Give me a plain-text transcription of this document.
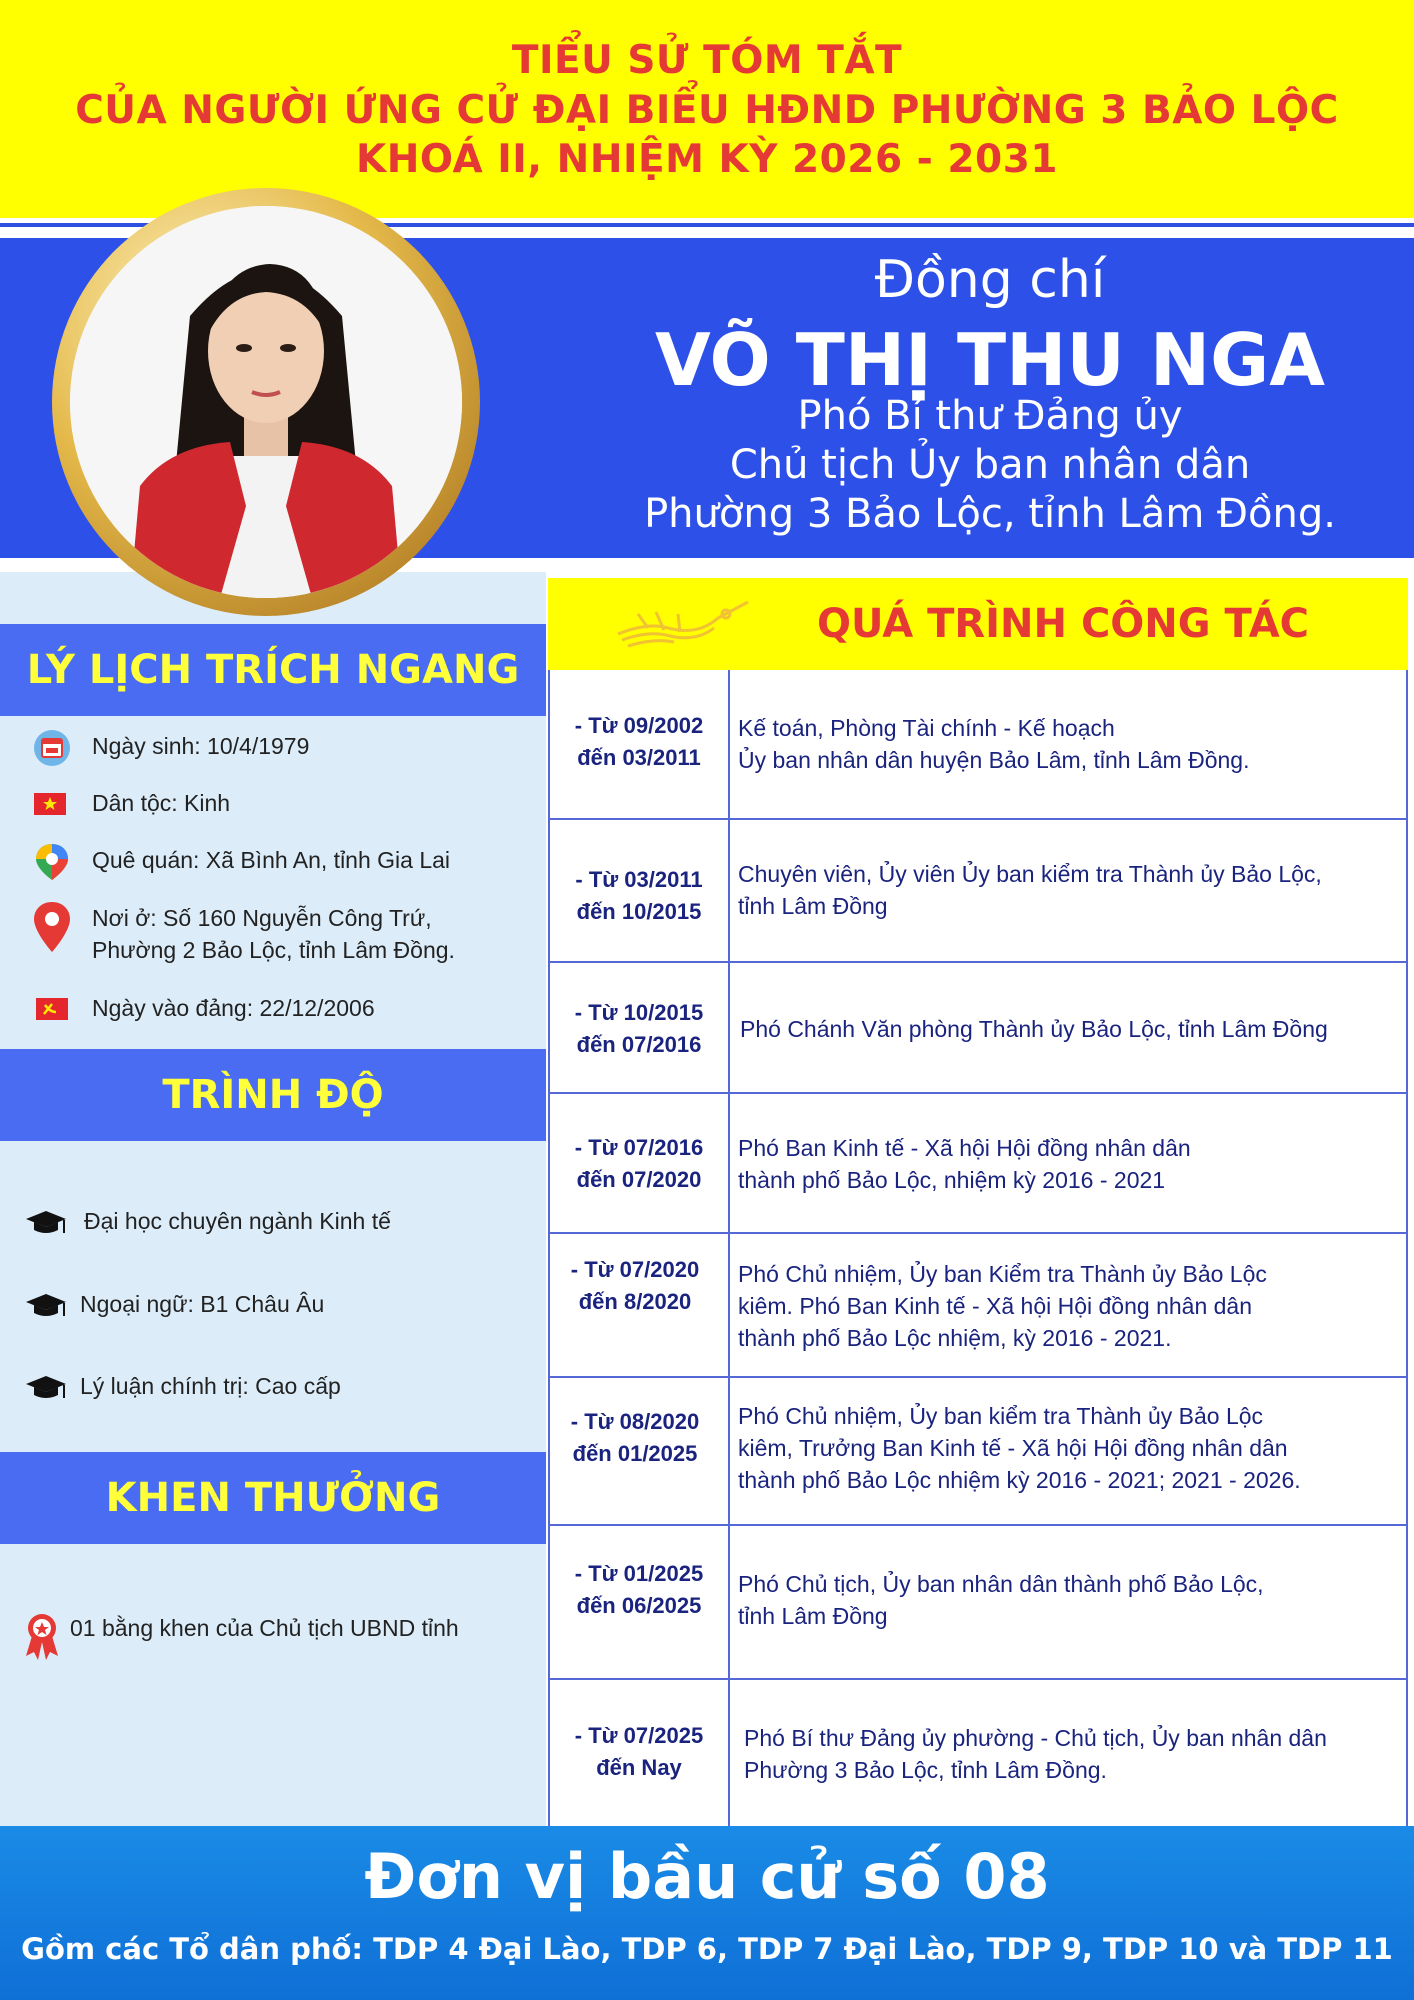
TIỂU SỬ TÓM TẮT
CỦA NGƯỜI ỨNG CỬ ĐẠI BIỂU HĐND PHƯỜNG 3 BẢO LỘC
KHOÁ II, NHIỆM KỲ 2026 - 2031
Đồng chí
VÕ THỊ THU NGA
Phó Bí thư Đảng ủy
Chủ tịch Ủy ban nhân dân
Phường 3 Bảo Lộc, tỉnh Lâm Đồng.
LÝ LỊCH TRÍCH NGANG
Ngày sinh: 10/4/1979
Dân tộc: Kinh
Quê quán: Xã Bình An, tỉnh Gia Lai
Nơi ở: Số 160 Nguyễn Công Trứ,
Phường 2 Bảo Lộc, tỉnh Lâm Đồng.
Ngày vào đảng: 22/12/2006
TRÌNH ĐỘ
Đại học chuyên ngành Kinh tế
Ngoại ngữ: B1 Châu Âu
Lý luận chính trị: Cao cấp
KHEN THƯỞNG
01 bằng khen của Chủ tịch UBND tỉnh
QUÁ TRÌNH CÔNG TÁC
- Từ 09/2002
đến 03/2011
Kế toán, Phòng Tài chính - Kế hoạch
Ủy ban nhân dân huyện Bảo Lâm, tỉnh Lâm Đồng.
- Từ 03/2011
đến 10/2015
Chuyên viên, Ủy viên Ủy ban kiểm tra Thành ủy Bảo Lộc,
tỉnh Lâm Đồng
- Từ 10/2015
đến 07/2016
Phó Chánh Văn phòng Thành ủy Bảo Lộc, tỉnh Lâm Đồng
- Từ 07/2016
đến 07/2020
Phó Ban Kinh tế - Xã hội Hội đồng nhân dân
thành phố Bảo Lộc, nhiệm kỳ 2016 - 2021
- Từ 07/2020
đến 8/2020
Phó Chủ nhiệm, Ủy ban Kiểm tra Thành ủy Bảo Lộc
kiêm. Phó Ban Kinh tế - Xã hội Hội đồng nhân dân
thành phố Bảo Lộc nhiệm, kỳ 2016 - 2021.
- Từ 08/2020
đến 01/2025
Phó Chủ nhiệm, Ủy ban kiểm tra Thành ủy Bảo Lộc
kiêm, Trưởng Ban Kinh tế - Xã hội Hội đồng nhân dân
thành phố Bảo Lộc nhiệm kỳ 2016 - 2021; 2021 - 2026.
- Từ 01/2025
đến 06/2025
Phó Chủ tịch, Ủy ban nhân dân thành phố Bảo Lộc,
tỉnh Lâm Đồng
- Từ 07/2025
đến Nay
Phó Bí thư Đảng ủy phường - Chủ tịch, Ủy ban nhân dân
Phường 3 Bảo Lộc, tỉnh Lâm Đồng.
Đơn vị bầu cử số 08
Gồm các Tổ dân phố: TDP 4 Đại Lào, TDP 6, TDP 7 Đại Lào, TDP 9, TDP 10 và TDP 11
